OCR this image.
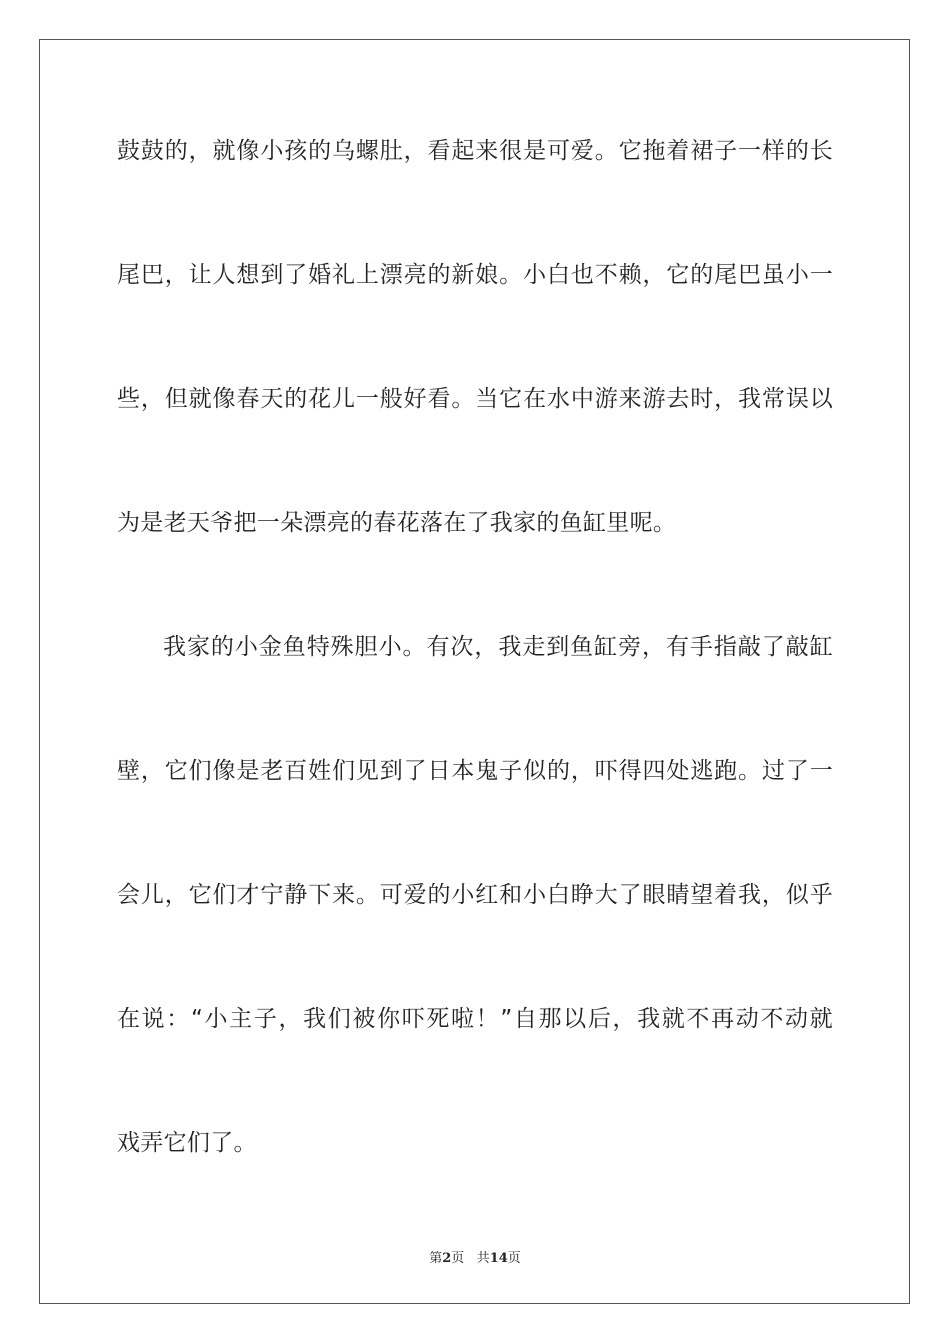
鼓鼓的，就像小孩的乌螺肚，看起来很是可爱。它拖着裙子一样的长
尾巴，让人想到了婚礼上漂亮的新娘。小白也不赖，它的尾巴虽小一
些，但就像春天的花儿一般好看。当它在水中游来游去时，我常误以
为是老天爷把一朵漂亮的春花落在了我家的鱼缸里呢。
我家的小金鱼特殊胆小。有次，我走到鱼缸旁，有手指敲了敲缸
壁，它们像是老百姓们见到了日本鬼子似的，吓得四处逃跑。过了一
会儿，它们才宁静下来。可爱的小红和小白睁大了眼睛望着我，似乎
在说：“小主子，我们被你吓死啦！”自那以后，我就不再动不动就
戏弄它们了。
第2页 共14页
